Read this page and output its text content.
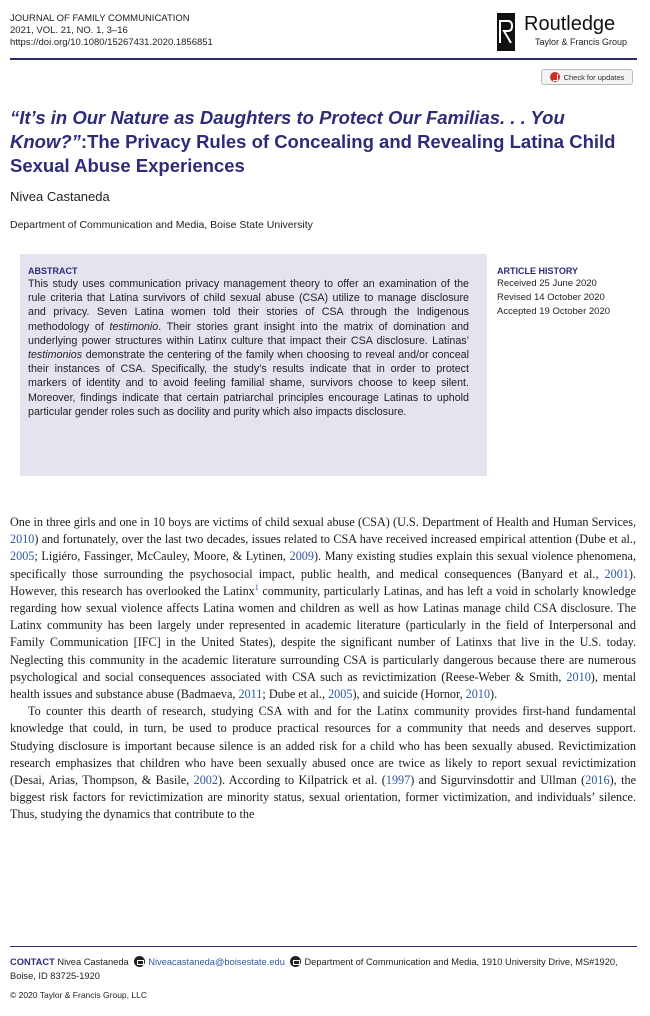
JOURNAL OF FAMILY COMMUNICATION
2021, VOL. 21, NO. 1, 3–16
https://doi.org/10.1080/15267431.2020.1856851
Routledge
Taylor & Francis Group
Check for updates
“It’s in Our Nature as Daughters to Protect Our Familias. . . You Know?”:The Privacy Rules of Concealing and Revealing Latina Child Sexual Abuse Experiences
Nivea Castaneda
Department of Communication and Media, Boise State University
ABSTRACT
This study uses communication privacy management theory to offer an examination of the rule criteria that Latina survivors of child sexual abuse (CSA) utilize to manage disclosure and privacy. Seven Latina women told their stories of CSA through the Indigenous methodology of testimonio. Their stories grant insight into the matrix of domination and underlying power structures within Latinx culture that impact their CSA disclosure. Latinas’ testimonios demonstrate the centering of the family when choosing to reveal and/or conceal their instances of CSA. Specifically, the study’s results indicate that in order to protect markers of identity and to avoid feeling familial shame, survivors choose to keep silent. Moreover, findings indicate that certain patriarchal principles encourage Latinas to uphold particular gender roles such as docility and purity which also impacts disclosure.
ARTICLE HISTORY
Received 25 June 2020
Revised 14 October 2020
Accepted 19 October 2020

One in three girls and one in 10 boys are victims of child sexual abuse (CSA) (U.S. Department of Health and Human Services, 2010) and fortunately, over the last two decades, issues related to CSA have received increased empirical attention (Dube et al., 2005; Ligiéro, Fassinger, McCauley, Moore, & Lytinen, 2009). Many existing studies explain this sexual violence phenomena, specifically those surrounding the psychosocial impact, public health, and medical consequences (Banyard et al., 2001). However, this research has overlooked the Latinx$^1$ community, particularly Latinas, and has left a void in scholarly knowledge regarding how sexual violence affects Latina women and children as well as how Latinas manage child CSA disclosure. The Latinx community has been largely under represented in academic literature (particularly in the field of Interpersonal and Family Communication [IFC] in the United States), despite the significant number of Latinxs that live in the U.S. today. Neglecting this community in the academic literature surrounding CSA is particularly dangerous because there are numerous psychological and social consequences associated with CSA such as revictimization (Reese-Weber & Smith, 2010), mental health issues and substance abuse (Badmaeva, 2011; Dube et al., 2005), and suicide (Hornor, 2010).

To counter this dearth of research, studying CSA with and for the Latinx community provides first-hand fundamental knowledge that could, in turn, be used to produce practical resources for a community that needs and deserves support. Studying disclosure is important because silence is an added risk for a child who has been sexually abused. Revictimization research emphasizes that children who have been sexually abused once are twice as likely to report sexual revictimization (Desai, Arias, Thompson, & Basile, 2002). According to Kilpatrick et al. (1997) and Sigurvinsdottir and Ullman (2016), the biggest risk factors for revictimization are minority status, sexual orientation, former victimization, and individuals’ silence. Thus, studying the dynamics that contribute to the

CONTACT Nivea Castaneda Niveacastaneda@boisestate.edu Department of Communication and Media, 1910 University Drive, MS#1920, Boise, ID 83725-1920
© 2020 Taylor & Francis Group, LLC
